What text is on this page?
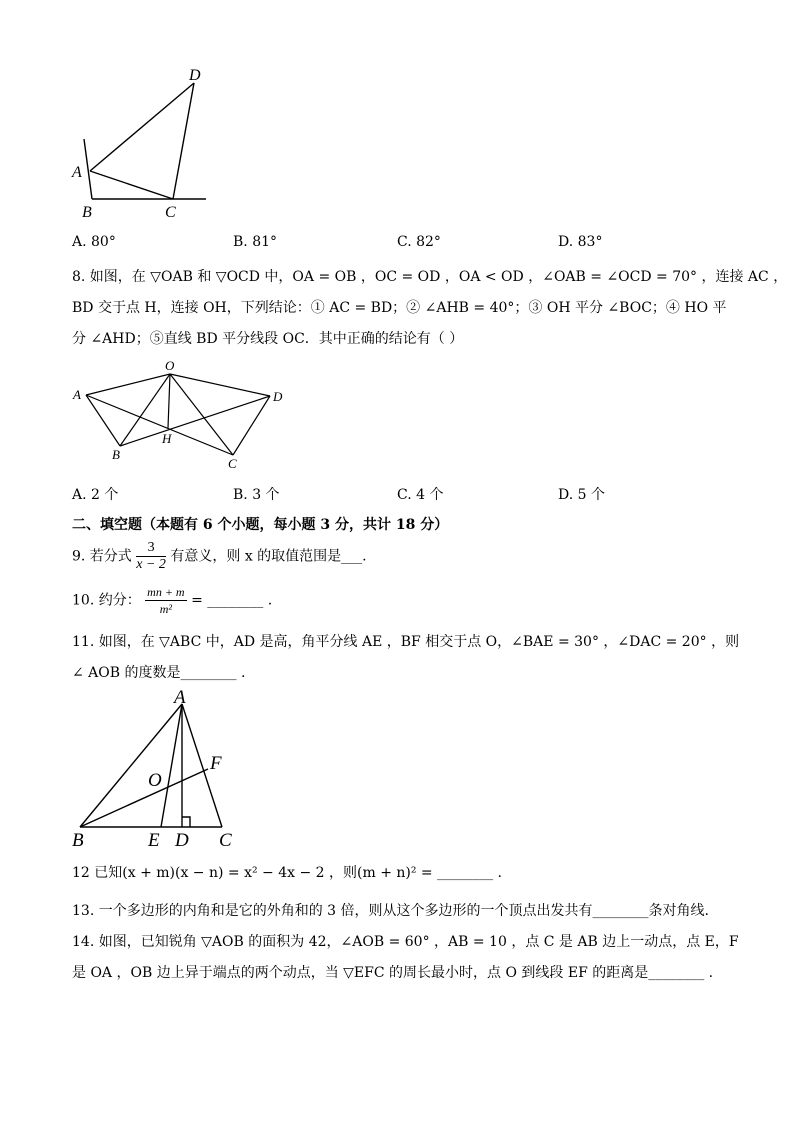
D
A
B	C
A. 80°	B. 81°	C. 82°	D. 83°
8. 如图，在 ▽OAB 和 ▽OCD 中，OA = OB ，OC = OD ，OA < OD ，∠OAB = ∠OCD = 70° ，连接 AC ，
BD 交于点 H，连接 OH，下列结论：① AC = BD；② ∠AHB = 40°；③ OH 平分 ∠BOC；④ HO 平
分 ∠AHD；⑤直线 BD 平分线段 OC．其中正确的结论有（ ）
O
A	D
B
H
C
A. 2 个	B. 3 个	C. 4 个	D. 5 个
二、填空题（本题有 6 个小题，每小题 3 分，共计 18 分）
9. 若分式 $\frac{3}{x - 2}$ 有意义，则 x 的取值范围是___.
10. 约分： $\frac{mn + m}{\text{m²}}$ = ________ .
11. 如图，在 ▽ABC 中，AD 是高，角平分线 AE ，BF 相交于点 O，∠BAE = 30° ，∠DAC = 20° ，则
∠ AOB 的度数是________ .
A
F
O
B	E D C
12 已知(x + m)(x − n) = x² − 4x − 2 ，则(m + n)² = ________ .
13. 一个多边形的内角和是它的外角和的 3 倍，则从这个多边形的一个顶点出发共有________条对角线.
14. 如图，已知锐角 ▽AOB 的面积为 42，∠AOB = 60° ，AB = 10 ，点 C 是 AB 边上一动点，点 E，F
是 OA ，OB 边上异于端点的两个动点，当 ▽EFC 的周长最小时，点 O 到线段 EF 的距离是________ .
